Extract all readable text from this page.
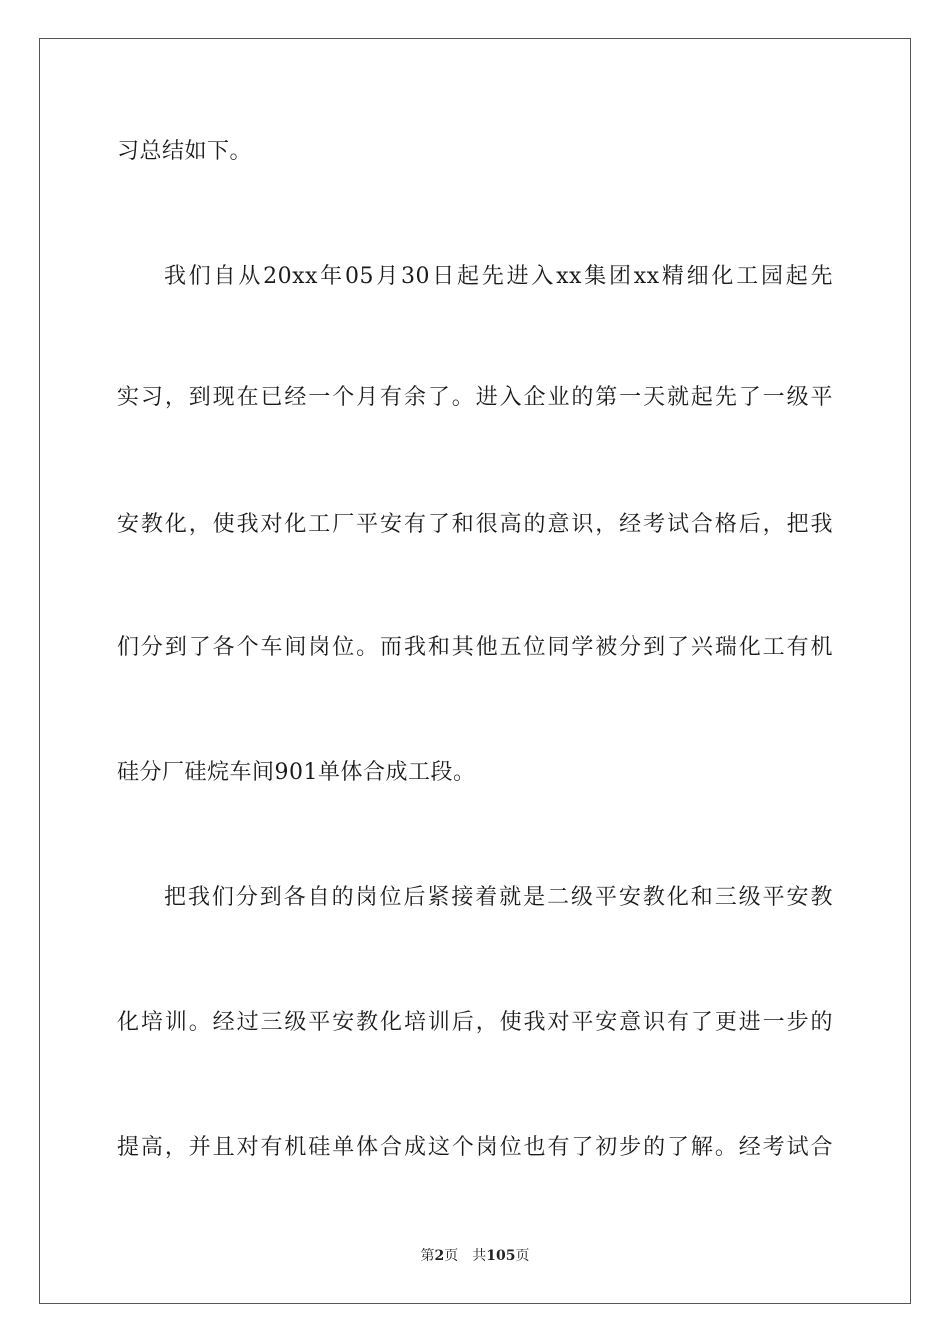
习总结如下。
我们自从20xx年05月30日起先进入xx集团xx精细化工园起先
实习，到现在已经一个月有余了。进入企业的第一天就起先了一级平
安教化，使我对化工厂平安有了和很高的意识，经考试合格后，把我
们分到了各个车间岗位。而我和其他五位同学被分到了兴瑞化工有机
硅分厂硅烷车间901单体合成工段。
把我们分到各自的岗位后紧接着就是二级平安教化和三级平安教
化培训。经过三级平安教化培训后，使我对平安意识有了更进一步的
提高，并且对有机硅单体合成这个岗位也有了初步的了解。经考试合
第2页 共105页
